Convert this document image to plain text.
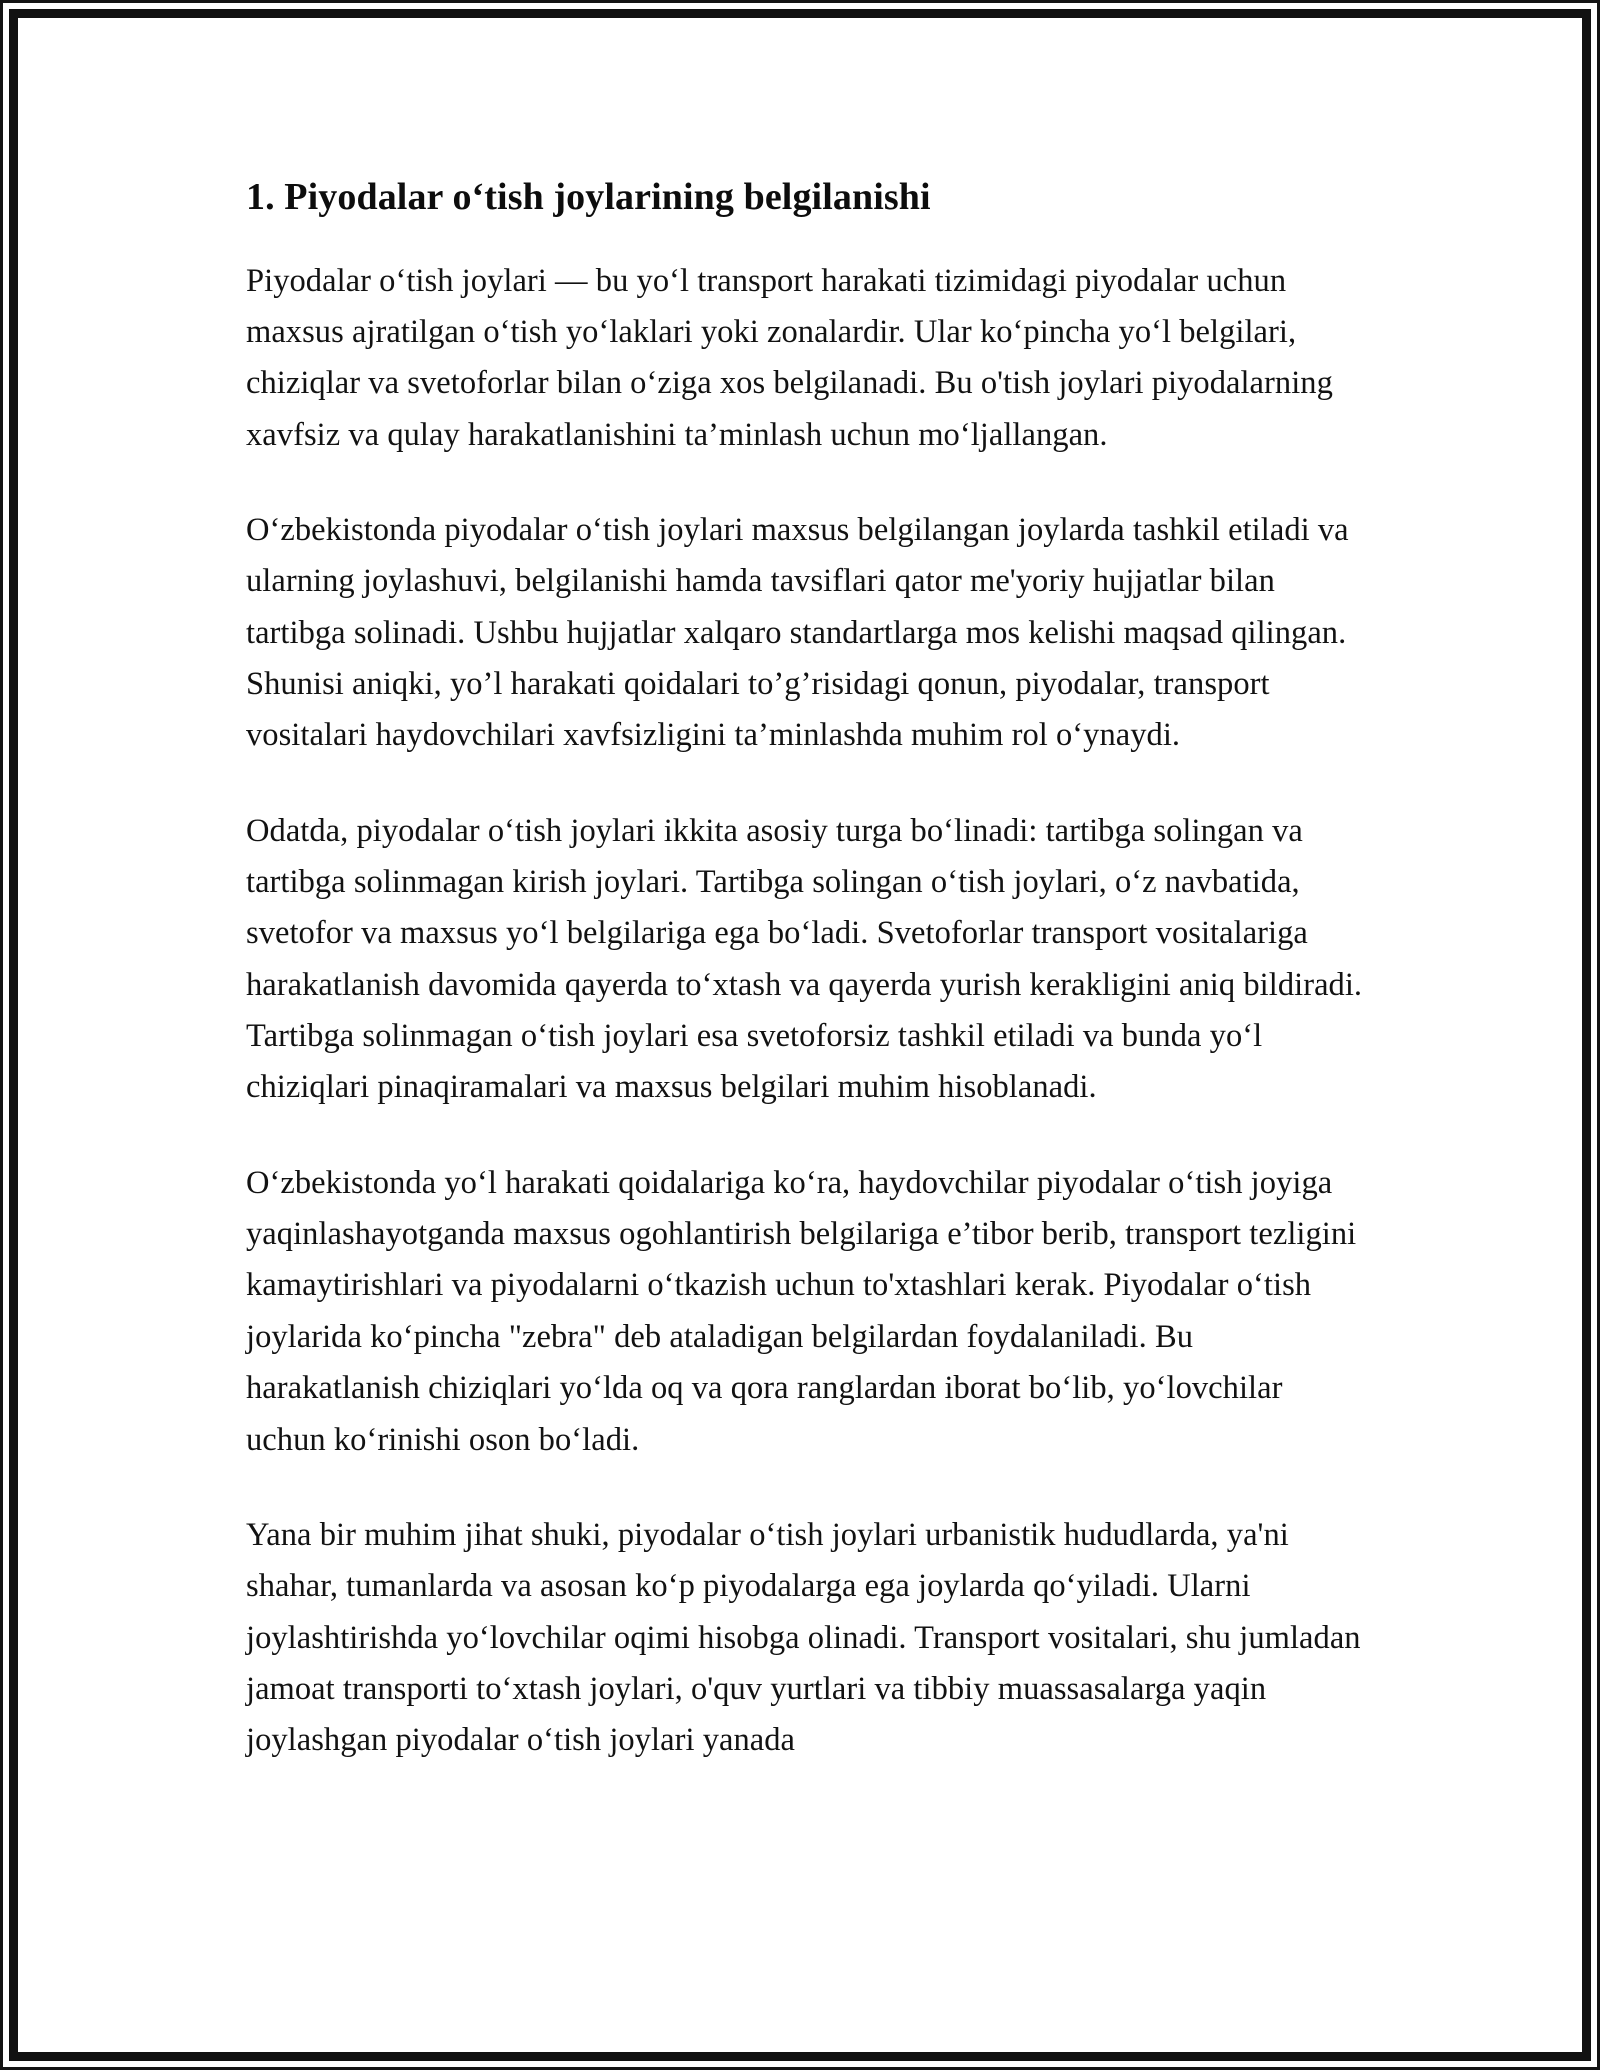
1. Piyodalar o‘tish joylarining belgilanishi

Piyodalar o‘tish joylari — bu yo‘l transport harakati tizimidagi piyodalar uchun maxsus ajratilgan o‘tish yo‘laklari yoki zonalardir. Ular ko‘pincha yo‘l belgilari, chiziqlar va svetoforlar bilan o‘ziga xos belgilanadi. Bu o'tish joylari piyodalarning xavfsiz va qulay harakatlanishini ta’minlash uchun mo‘ljallangan.

O‘zbekistonda piyodalar o‘tish joylari maxsus belgilangan joylarda tashkil etiladi va ularning joylashuvi, belgilanishi hamda tavsiflari qator me'yoriy hujjatlar bilan tartibga solinadi. Ushbu hujjatlar xalqaro standartlarga mos kelishi maqsad qilingan. Shunisi aniqki, yo’l harakati qoidalari to’g’risidagi qonun, piyodalar, transport vositalari haydovchilari xavfsizligini ta’minlashda muhim rol o‘ynaydi.

Odatda, piyodalar o‘tish joylari ikkita asosiy turga bo‘linadi: tartibga solingan va tartibga solinmagan kirish joylari. Tartibga solingan o‘tish joylari, o‘z navbatida, svetofor va maxsus yo‘l belgilariga ega bo‘ladi. Svetoforlar transport vositalariga harakatlanish davomida qayerda to‘xtash va qayerda yurish kerakligini aniq bildiradi. Tartibga solinmagan o‘tish joylari esa svetoforsiz tashkil etiladi va bunda yo‘l chiziqlari pinaqiramalari va maxsus belgilari muhim hisoblanadi.

O‘zbekistonda yo‘l harakati qoidalariga ko‘ra, haydovchilar piyodalar o‘tish joyiga yaqinlashayotganda maxsus ogohlantirish belgilariga e’tibor berib, transport tezligini kamaytirishlari va piyodalarni o‘tkazish uchun to'xtashlari kerak. Piyodalar o‘tish joylarida ko‘pincha "zebra" deb ataladigan belgilardan foydalaniladi. Bu harakatlanish chiziqlari yo‘lda oq va qora ranglardan iborat bo‘lib, yo‘lovchilar uchun ko‘rinishi oson bo‘ladi.

Yana bir muhim jihat shuki, piyodalar o‘tish joylari urbanistik hududlarda, ya'ni shahar, tumanlarda va asosan ko‘p piyodalarga ega joylarda qo‘yiladi. Ularni joylashtirishda yo‘lovchilar oqimi hisobga olinadi. Transport vositalari, shu jumladan jamoat transporti to‘xtash joylari, o'quv yurtlari va tibbiy muassasalarga yaqin joylashgan piyodalar o‘tish joylari yanada
